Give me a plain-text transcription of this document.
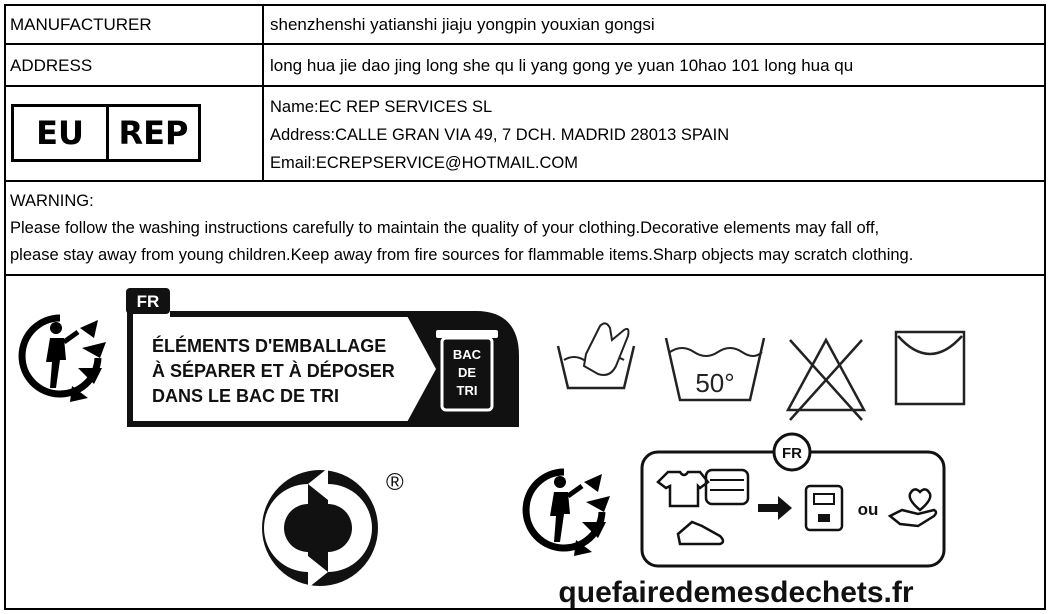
MANUFACTURER	shenzhenshi yatianshi jiaju yongpin youxian gongsi
ADDRESS	long hua jie dao jing long she qu li yang gong ye yuan 10hao 101 long hua qu
EU	REP
Name:EC REP SERVICES SL
Address:CALLE GRAN VIA 49, 7 DCH. MADRID 28013 SPAIN
Email:ECREPSERVICE@HOTMAIL.COM
WARNING:
Please follow the washing instructions carefully to maintain the quality of your clothing.Decorative elements may fall off,
please stay away from young children.Keep away from fire sources for flammable items.Sharp objects may scratch clothing.
FR
ÉLÉMENTS D'EMBALLAGE
À SÉPARER ET À DÉPOSER
DANS LE BAC DE TRI
BAC
DE
TRI	50°
®
FR
ou
quefairedemesdechets.fr
